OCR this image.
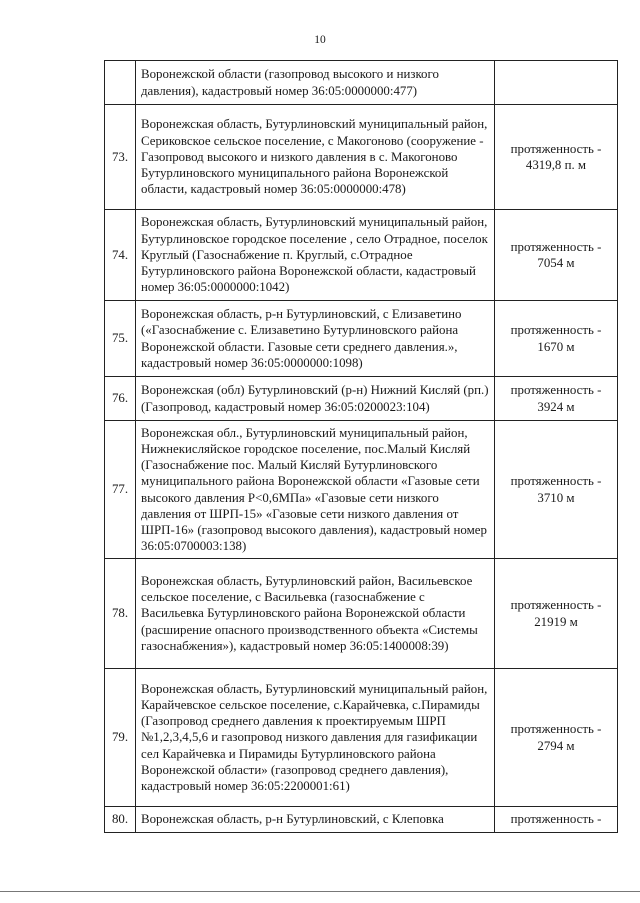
10
	Воронежской области (газопровод высокого и низкого давления), кадастровый номер 36:05:0000000:477)	
73.	Воронежская область, Бутурлиновский муниципальный район, Сериковское сельское поселение, с Макогоново (сооружение - Газопровод высокого и низкого давления в с. Макогоново Бутурлиновского муниципального района Воронежской области, кадастровый номер 36:05:0000000:478)	протяженность - 4319,8 п. м
74.	Воронежская область, Бутурлиновский муниципальный район, Бутурлиновское городское поселение , село Отрадное, поселок Круглый (Газоснабжение п. Круглый, с.Отрадное Бутурлиновского района Воронежской области, кадастровый номер 36:05:0000000:1042)	протяженность - 7054 м
75.	Воронежская область, р-н Бутурлиновский, с Елизаветино («Газоснабжение с. Елизаветино Бутурлиновского района Воронежской области. Газовые сети среднего давления.», кадастровый номер 36:05:0000000:1098)	протяженность - 1670 м
76.	Воронежская (обл) Бутурлиновский (р-н) Нижний Кисляй (рп.) (Газопровод, кадастровый номер 36:05:0200023:104)	протяженность - 3924 м
77.	Воронежская обл., Бутурлиновский муниципальный район, Нижнекисляйское городское поселение, пос.Малый Кисляй (Газоснабжение пос. Малый Кисляй Бутурлиновского муниципального района Воронежской области «Газовые сети высокого давления Р<0,6МПа» «Газовые сети низкого давления от ШРП-15» «Газовые сети низкого давления от ШРП-16» (газопровод высокого давления), кадастровый номер 36:05:0700003:138)	протяженность - 3710 м
78.	Воронежская область, Бутурлиновский район, Васильевское сельское поселение, с Васильевка (газоснабжение с Васильевка Бутурлиновского района Воронежской области (расширение опасного производственного объекта «Системы газоснабжения»), кадастровый номер 36:05:1400008:39)	протяженность - 21919 м
79.	Воронежская область, Бутурлиновский муниципальный район, Карайчевское сельское поселение, с.Карайчевка, с.Пирамиды (Газопровод среднего давления к проектируемым ШРП №1,2,3,4,5,6 и газопровод низкого давления для газификации сел Карайчевка и Пирамиды Бутурлиновского района Воронежской области» (газопровод среднего давления), кадастровый номер 36:05:2200001:61)	протяженность - 2794 м
80.	Воронежская область, р-н Бутурлиновский, с Клеповка	протяженность -
